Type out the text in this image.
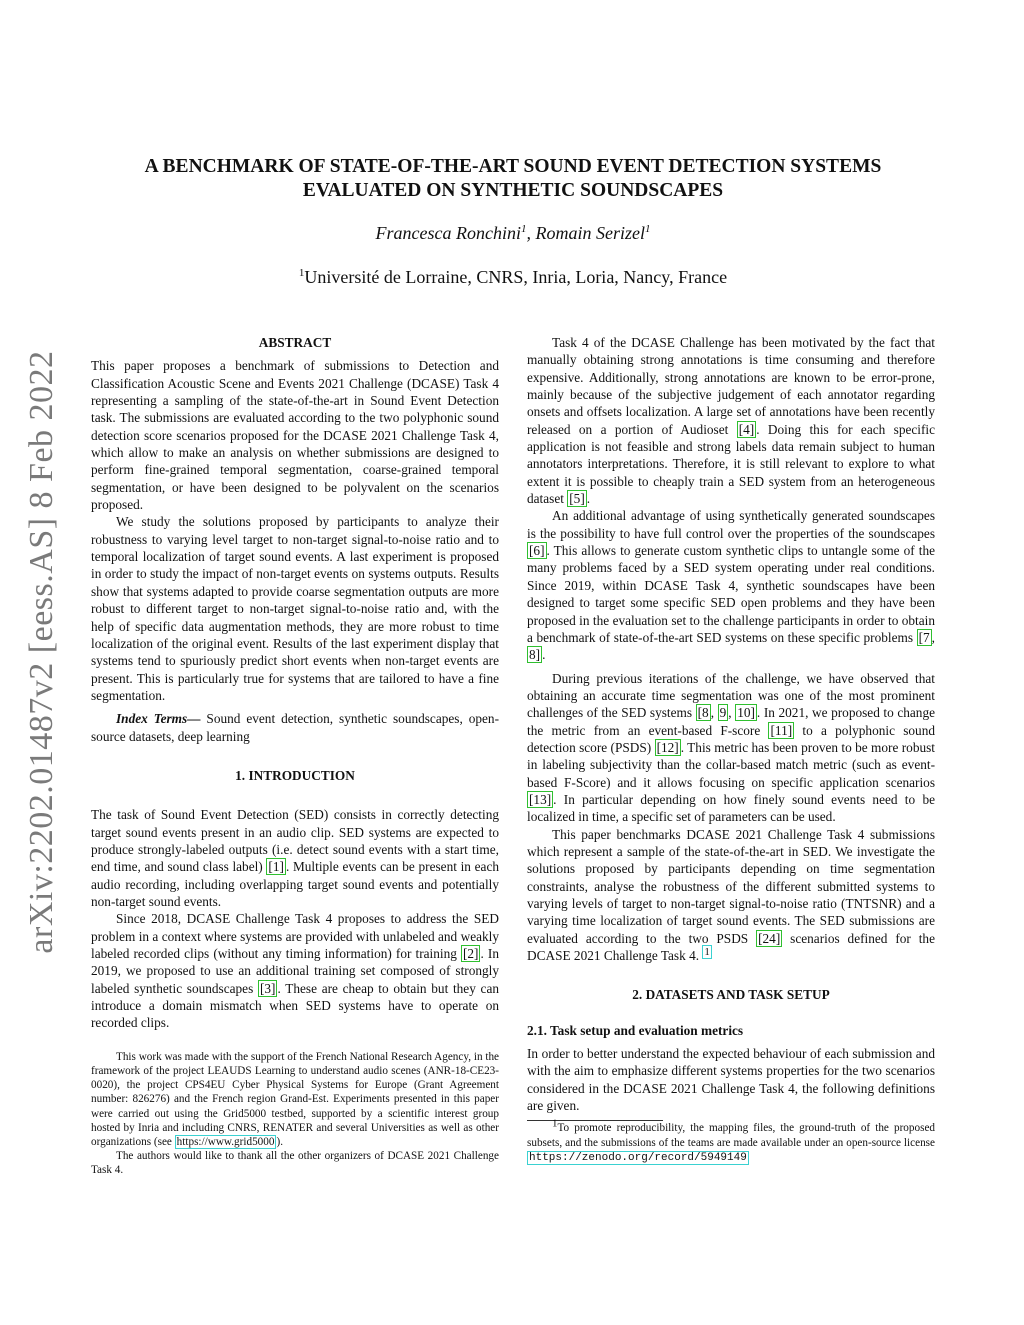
arXiv:2202.01487v2 [eess.AS] 8 Feb 2022
A BENCHMARK OF STATE-OF-THE-ART SOUND EVENT DETECTION SYSTEMS
EVALUATED ON SYNTHETIC SOUNDSCAPES
Francesca Ronchini$^1$, Romain Serizel$^1$
$^1$Université de Lorraine, CNRS, Inria, Loria, Nancy, France
ABSTRACT

This paper proposes a benchmark of submissions to Detection and Classification Acoustic Scene and Events 2021 Challenge (DCASE) Task 4 representing a sampling of the state-of-the-art in Sound Event Detection task. The submissions are evaluated according to the two polyphonic sound detection score scenarios proposed for the DCASE 2021 Challenge Task 4, which allow to make an analysis on whether submissions are designed to perform fine-grained temporal segmentation, coarse-grained temporal segmentation, or have been designed to be polyvalent on the scenarios proposed.

We study the solutions proposed by participants to analyze their robustness to varying level target to non-target signal-to-noise ratio and to temporal localization of target sound events. A last experiment is proposed in order to study the impact of non-target events on systems outputs. Results show that systems adapted to provide coarse segmentation outputs are more robust to different target to non-target signal-to-noise ratio and, with the help of specific data augmentation methods, they are more robust to time localization of the original event. Results of the last experiment display that systems tend to spuriously predict short events when non-target events are present. This is particularly true for systems that are tailored to have a fine segmentation.

Index Terms— Sound event detection, synthetic soundscapes, open-source datasets, deep learning

1. INTRODUCTION

The task of Sound Event Detection (SED) consists in correctly detecting target sound events present in an audio clip. SED systems are expected to produce strongly-labeled outputs (i.e. detect sound events with a start time, end time, and sound class label) [1] . Multiple events can be present in each audio recording, including overlapping target sound events and potentially non-target sound events.

Since 2018, DCASE Challenge Task 4 proposes to address the SED problem in a context where systems are provided with unlabeled and weakly labeled recorded clips (without any timing information) for training [2] . In 2019, we proposed to use an additional training set composed of strongly labeled synthetic soundscapes [3] . These are cheap to obtain but they can introduce a domain mismatch when SED systems have to operate on recorded clips.

This work was made with the support of the French National Research Agency, in the framework of the project LEAUDS Learning to understand audio scenes (ANR-18-CE23-0020), the project CPS4EU Cyber Physical Systems for Europe (Grant Agreement number: 826276) and the French region Grand-Est. Experiments presented in this paper were carried out using the Grid5000 testbed, supported by a scientific interest group hosted by Inria and including CNRS, RENATER and several Universities as well as other organizations (see https://www.grid5000 ).

The authors would like to thank all the other organizers of DCASE 2021 Challenge Task 4.

Task 4 of the DCASE Challenge has been motivated by the fact that manually obtaining strong annotations is time consuming and therefore expensive. Additionally, strong annotations are known to be error-prone, mainly because of the subjective judgement of each annotator regarding onsets and offsets localization. A large set of annotations have been recently released on a portion of Audioset [4] . Doing this for each specific application is not feasible and strong labels data remain subject to human annotators interpretations. Therefore, it is still relevant to explore to what extent it is possible to cheaply train a SED system from an heterogeneous dataset [5] .

An additional advantage of using synthetically generated soundscapes is the possibility to have full control over the properties of the soundscapes [6] . This allows to generate custom synthetic clips to untangle some of the many problems faced by a SED system operating under real conditions. Since 2019, within DCASE Task 4, synthetic soundscapes have been designed to target some specific SED open problems and they have been proposed in the evaluation set to the challenge participants in order to obtain a benchmark of state-of-the-art SED systems on these specific problems [7 , 8] .

During previous iterations of the challenge, we have observed that obtaining an accurate time segmentation was one of the most prominent challenges of the SED systems [8 , 9 , 10] . In 2021, we proposed to change the metric from an event-based F-score [11] to a polyphonic sound detection score (PSDS) [12] . This metric has been proven to be more robust in labeling subjectivity than the collar-based match metric (such as event-based F-Score) and it allows focusing on specific application scenarios [13] . In particular depending on how finely sound events need to be localized in time, a specific set of parameters can be used.

This paper benchmarks DCASE 2021 Challenge Task 4 submissions which represent a sample of the state-of-the-art in SED. We investigate the solutions proposed by participants depending on time segmentation constraints, analyse the robustness of the different submitted systems to varying levels of target to non-target signal-to-noise ratio (TNTSNR) and a varying time localization of target sound events. The SED submissions are evaluated according to the two PSDS [24] scenarios defined for the DCASE 2021 Challenge Task 4. $^1$

2. DATASETS AND TASK SETUP
2.1. Task setup and evaluation metrics

In order to better understand the expected behaviour of each submission and with the aim to emphasize different systems properties for the two scenarios considered in the DCASE 2021 Challenge Task 4, the following definitions are given.

$^1$To promote reproducibility, the mapping files, the ground-truth of the proposed subsets, and the submissions of the teams are made available under an open-source license https://zenodo.org/record/5949149
